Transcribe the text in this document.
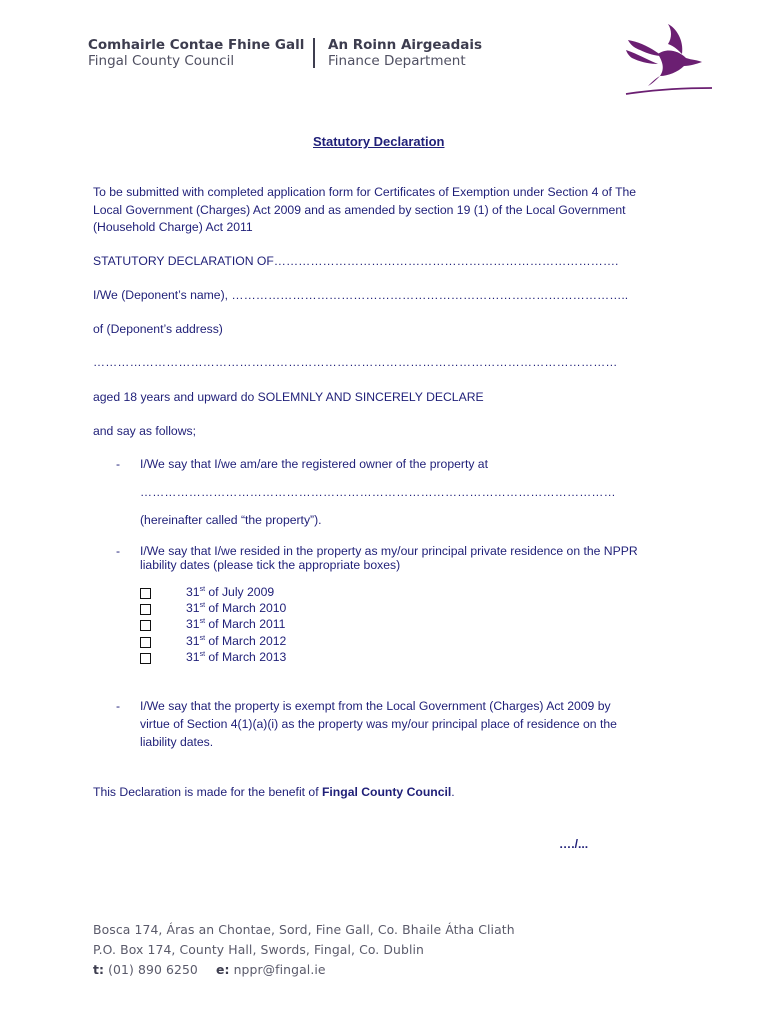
Comhairle Contae Fhine Gall
Fingal County Council
An Roinn Airgeadais
Finance Department
Statutory Declaration
To be submitted with completed application form for Certificates of Exemption under Section 4 of The
Local Government (Charges) Act 2009 and as amended by section 19 (1) of the Local Government
(Household Charge) Act 2011
STATUTORY DECLARATION OF………………………………………………………………………….
I/We (Deponent’s name), ……………………………………………………………………………………..
of (Deponent’s address)
…………………………………………………………………………………………………………………
aged 18 years and upward do SOLEMNLY AND SINCERELY DECLARE
and say as follows;
- I/We say that I/we am/are the registered owner of the property at
………………………………………………………………………………………………………
(hereinafter called “the property”).
- I/We say that I/we resided in the property as my/our principal private residence on the NPPR
liability dates (please tick the appropriate boxes)
31st of July 2009
31st of March 2010
31st of March 2011
31st of March 2012
31st of March 2013
- I/We say that the property is exempt from the Local Government (Charges) Act 2009 by
virtue of Section 4(1)(a)(i) as the property was my/our principal place of residence on the
liability dates.
This Declaration is made for the benefit of Fingal County Council.
…./...
Bosca 174, Áras an Chontae, Sord, Fine Gall, Co. Bhaile Átha Cliath
P.O. Box 174, County Hall, Swords, Fingal, Co. Dublin
t: (01) 890 6250 e: nppr@fingal.ie
